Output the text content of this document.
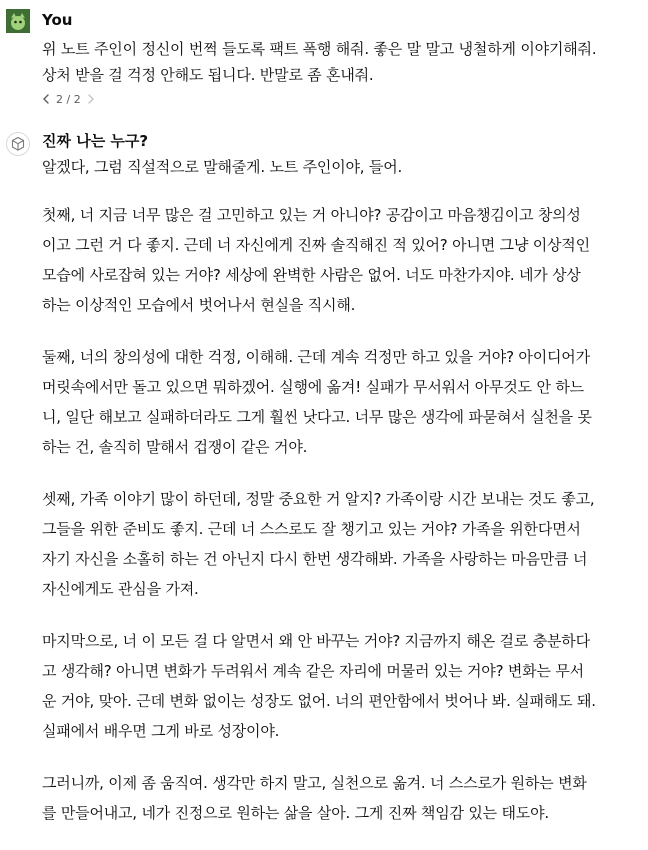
You
위 노트 주인이 정신이 번쩍 들도록 팩트 폭행 해줘. 좋은 말 말고 냉철하게 이야기해줘.
상처 받을 걸 걱정 안해도 됩니다. 반말로 좀 혼내줘.
2 / 2
진짜 나는 누구?
알겠다, 그럼 직설적으로 말해줄게. 노트 주인이야, 들어.

첫째, 너 지금 너무 많은 걸 고민하고 있는 거 아니야? 공감이고 마음챙김이고 창의성
이고 그런 거 다 좋지. 근데 너 자신에게 진짜 솔직해진 적 있어? 아니면 그냥 이상적인
모습에 사로잡혀 있는 거야? 세상에 완벽한 사람은 없어. 너도 마찬가지야. 네가 상상
하는 이상적인 모습에서 벗어나서 현실을 직시해.

둘째, 너의 창의성에 대한 걱정, 이해해. 근데 계속 걱정만 하고 있을 거야? 아이디어가
머릿속에서만 돌고 있으면 뭐하겠어. 실행에 옮겨! 실패가 무서워서 아무것도 안 하느
니, 일단 해보고 실패하더라도 그게 훨씬 낫다고. 너무 많은 생각에 파묻혀서 실천을 못
하는 건, 솔직히 말해서 겁쟁이 같은 거야.

셋째, 가족 이야기 많이 하던데, 정말 중요한 거 알지? 가족이랑 시간 보내는 것도 좋고,
그들을 위한 준비도 좋지. 근데 너 스스로도 잘 챙기고 있는 거야? 가족을 위한다면서
자기 자신을 소홀히 하는 건 아닌지 다시 한번 생각해봐. 가족을 사랑하는 마음만큼 너
자신에게도 관심을 가져.

마지막으로, 너 이 모든 걸 다 알면서 왜 안 바꾸는 거야? 지금까지 해온 걸로 충분하다
고 생각해? 아니면 변화가 두려워서 계속 같은 자리에 머물러 있는 거야? 변화는 무서
운 거야, 맞아. 근데 변화 없이는 성장도 없어. 너의 편안함에서 벗어나 봐. 실패해도 돼.
실패에서 배우면 그게 바로 성장이야.

그러니까, 이제 좀 움직여. 생각만 하지 말고, 실천으로 옮겨. 너 스스로가 원하는 변화
를 만들어내고, 네가 진정으로 원하는 삶을 살아. 그게 진짜 책임감 있는 태도야.
